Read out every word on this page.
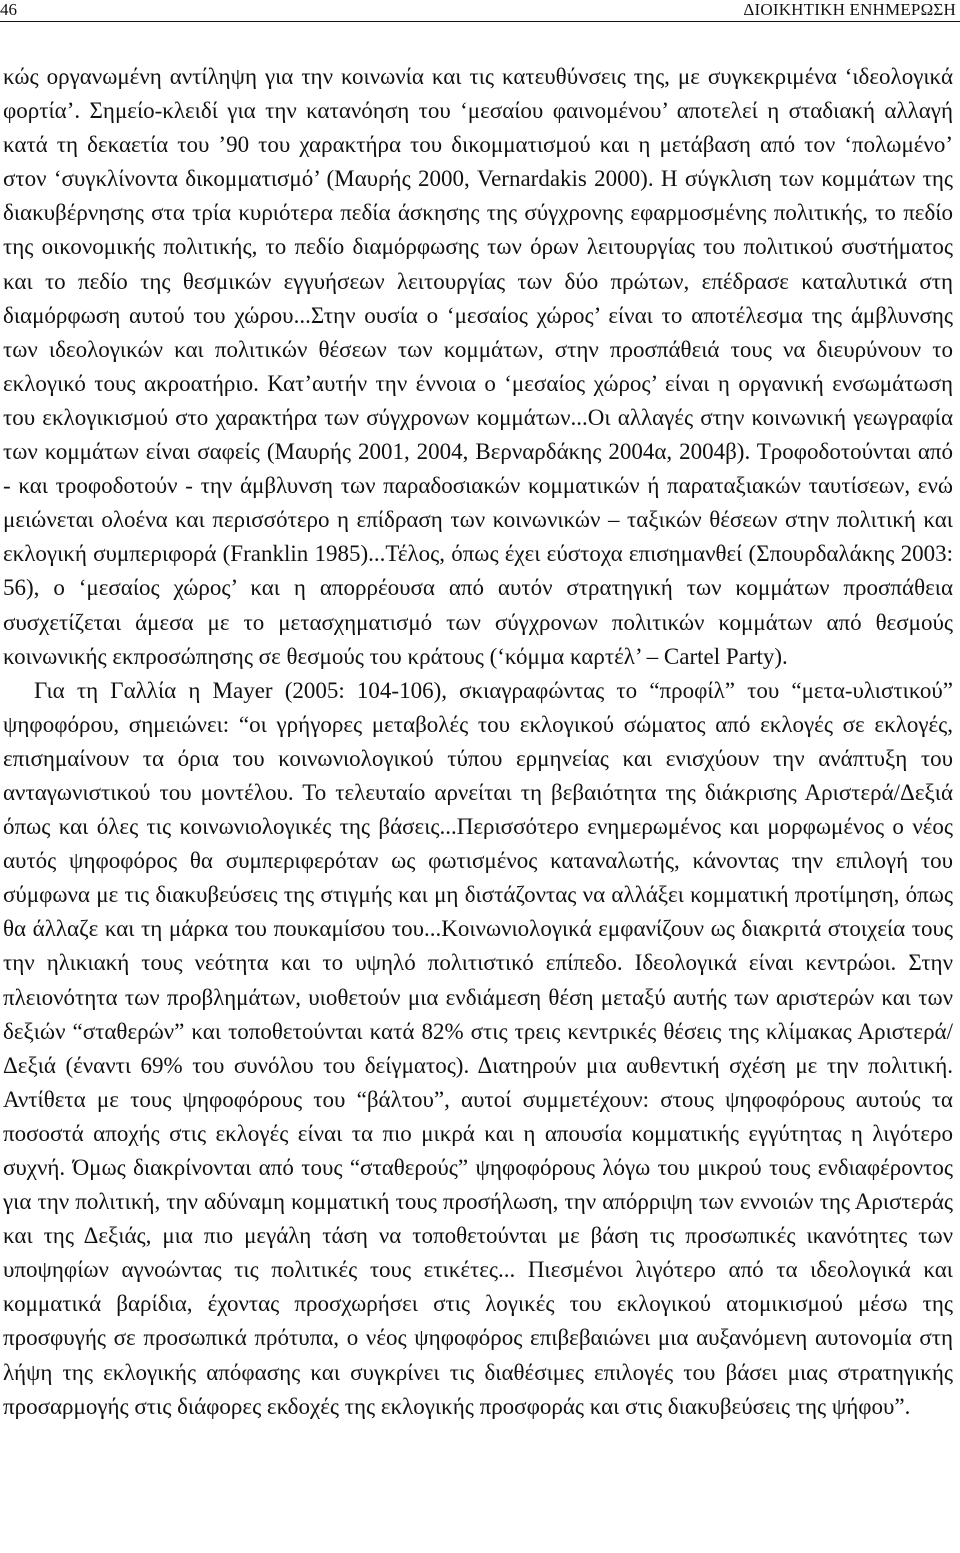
46	ΔΙΟΙΚΗΤΙΚΗ ΕΝΗΜΕΡΩΣΗ

κώς οργανωμένη αντίληψη για την κοινωνία και τις κατευθύνσεις της, με συγκεκριμένα ‘ιδεολογικά φορτία’. Σημείο-κλειδί για την κατανόηση του ‘μεσαίου φαινομένου’ αποτελεί η σταδιακή αλλαγή κατά τη δεκαετία του ’90 του χαρακτήρα του δικομματισμού και η μετάβαση από τον ‘πολωμένο’ στον ‘συγκλίνοντα δικομματισμό’ (Μαυρής 2000, Vernardakis 2000). Η σύγκλιση των κομμάτων της διακυβέρνησης στα τρία κυριότερα πεδία άσκησης της σύγχρονης εφαρμοσμένης πολιτικής, το πεδίο της οικονομικής πολιτικής, το πεδίο διαμόρφωσης των όρων λειτουργίας του πολιτικού συστήματος και το πεδίο της θεσμικών εγγυήσεων λειτουργίας των δύο πρώτων, επέδρασε καταλυτικά στη διαμόρφωση αυτού του χώρου...Στην ουσία ο ‘μεσαίος χώρος’ είναι το αποτέλεσμα της άμβλυνσης των ιδεολογικών και πολιτικών θέσεων των κομμάτων, στην προσπάθειά τους να διευρύνουν το εκλογικό τους ακροατήριο. Κατ’αυτήν την έννοια ο ‘μεσαίος χώρος’ είναι η οργανική ενσωμάτωση του εκλογικισμού στο χαρακτήρα των σύγχρονων κομμάτων...Οι αλλαγές στην κοινωνική γεωγραφία των κομμάτων είναι σαφείς (Μαυρής 2001, 2004, Βερναρδάκης 2004α, 2004β). Τροφοδοτούνται από - και τροφοδοτούν - την άμβλυνση των παραδοσιακών κομματικών ή παραταξιακών ταυτίσεων, ενώ μειώνεται ολοένα και περισσότερο η επίδραση των κοινωνικών – ταξικών θέσεων στην πολιτική και εκλογική συμπεριφορά (Franklin 1985)...Τέλος, όπως έχει εύστοχα επισημανθεί (Σπουρδαλάκης 2003: 56), ο ‘μεσαίος χώρος’ και η απορρέουσα από αυτόν στρατηγική των κομμάτων προσπάθεια συσχετίζεται άμεσα με το μετασχηματισμό των σύγχρονων πολιτικών κομμάτων από θεσμούς κοινωνικής εκπροσώπησης σε θεσμούς του κράτους (‘κόμμα καρτέλ’ – Cartel Party).

Για τη Γαλλία η Mayer (2005: 104-106), σκιαγραφώντας το “προφίλ” του “μετα-υλιστικού” ψηφοφόρου, σημειώνει: “οι γρήγορες μεταβολές του εκλογικού σώματος από εκλογές σε εκλογές, επισημαίνουν τα όρια του κοινωνιολογικού τύπου ερμηνείας και ενισχύουν την ανάπτυξη του ανταγωνιστικού του μοντέλου. Το τελευταίο αρνείται τη βεβαιότητα της διάκρισης Αριστερά/Δεξιά όπως και όλες τις κοινωνιολογικές της βάσεις...Περισσότερο ενημερωμένος και μορφωμένος ο νέος αυτός ψηφοφόρος θα συμπεριφερόταν ως φωτισμένος καταναλωτής, κάνοντας την επιλογή του σύμφωνα με τις διακυβεύσεις της στιγμής και μη διστάζοντας να αλλάξει κομματική προτίμηση, όπως θα άλλαζε και τη μάρκα του πουκαμίσου του...Κοινωνιολογικά εμφανίζουν ως διακριτά στοιχεία τους την ηλικιακή τους νεότητα και το υψηλό πολιτιστικό επίπεδο. Ιδεολογικά είναι κεντρώοι. Στην πλειονότητα των προβλημάτων, υιοθετούν μια ενδιάμεση θέση μεταξύ αυτής των αριστερών και των δεξιών “σταθερών” και τοποθετούνται κατά 82% στις τρεις κεντρικές θέσεις της κλίμακας Αριστερά/Δεξιά (έναντι 69% του συνόλου του δείγματος). Διατηρούν μια αυθεντική σχέση με την πολιτική. Αντίθετα με τους ψηφοφόρους του “βάλτου”, αυτοί συμμετέχουν: στους ψηφοφόρους αυτούς τα ποσοστά αποχής στις εκλογές είναι τα πιο μικρά και η απουσία κομματικής εγγύτητας η λιγότερο συχνή. Όμως διακρίνονται από τους “σταθερούς” ψηφοφόρους λόγω του μικρού τους ενδιαφέροντος για την πολιτική, την αδύναμη κομματική τους προσήλωση, την απόρριψη των εννοιών της Αριστεράς και της Δεξιάς, μια πιο μεγάλη τάση να τοποθετούνται με βάση τις προσωπικές ικανότητες των υποψηφίων αγνοώντας τις πολιτικές τους ετικέτες... Πιεσμένοι λιγότερο από τα ιδεολογικά και κομματικά βαρίδια, έχοντας προσχωρήσει στις λογικές του εκλογικού ατομικισμού μέσω της προσφυγής σε προσωπικά πρότυπα, ο νέος ψηφοφόρος επιβεβαιώνει μια αυξανόμενη αυτονομία στη λήψη της εκλογικής απόφασης και συγκρίνει τις διαθέσιμες επιλογές του βάσει μιας στρατηγικής προσαρμογής στις διάφορες εκδοχές της εκλογικής προσφοράς και στις διακυβεύσεις της ψήφου”.
